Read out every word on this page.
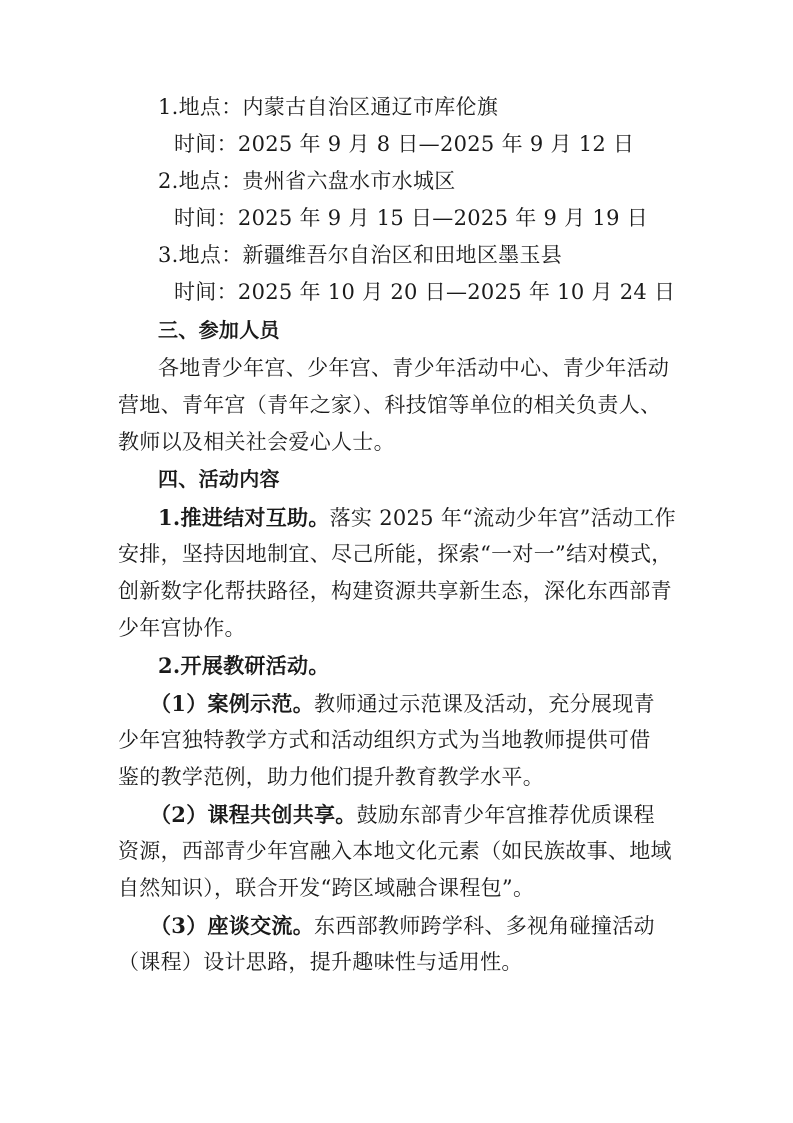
1.地点：内蒙古自治区通辽市库伦旗
时间：2025 年 9 月 8 日—2025 年 9 月 12 日
2.地点：贵州省六盘水市水城区
时间：2025 年 9 月 15 日—2025 年 9 月 19 日
3.地点：新疆维吾尔自治区和田地区墨玉县
时间：2025 年 10 月 20 日—2025 年 10 月 24 日
三、参加人员
各地青少年宫、少年宫、青少年活动中心、青少年活动
营地、青年宫（青年之家）、科技馆等单位的相关负责人、
教师以及相关社会爱心人士。
四、活动内容
1.推进结对互助。落实 2025 年“流动少年宫”活动工作
安排，坚持因地制宜、尽己所能，探索“一对一”结对模式，
创新数字化帮扶路径，构建资源共享新生态，深化东西部青
少年宫协作。
2.开展教研活动。
（1）案例示范。教师通过示范课及活动，充分展现青
少年宫独特教学方式和活动组织方式为当地教师提供可借
鉴的教学范例，助力他们提升教育教学水平。
（2）课程共创共享。鼓励东部青少年宫推荐优质课程
资源，西部青少年宫融入本地文化元素（如民族故事、地域
自然知识），联合开发“跨区域融合课程包”。
（3）座谈交流。东西部教师跨学科、多视角碰撞活动
（课程）设计思路，提升趣味性与适用性。
